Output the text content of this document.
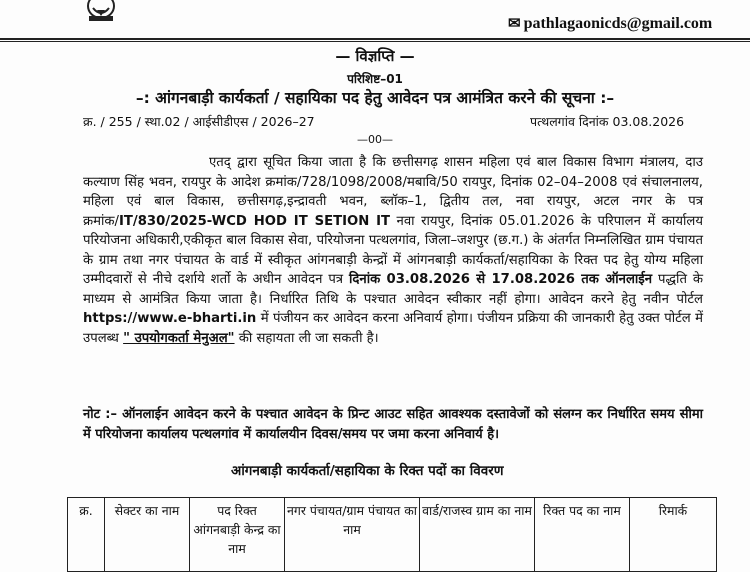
✉ pathlagaonicds@gmail.com
— विज्ञप्ति —
परिशिष्ट–01
–: आंगनबाड़ी कार्यकर्ता / सहायिका पद हेतु आवेदन पत्र आमंत्रित करने की सूचना :–
क्र. / 255 / स्था.02 / आईसीडीएस / 2026–27	पत्थलगांव दिनांक 03.08.2026
—00—
एतद् द्वारा सूचित किया जाता है कि छत्तीसगढ़ शासन महिला एवं बाल विकास विभाग मंत्रालय, दाउ कल्याण सिंह भवन, रायपुर के आदेश क्रमांक/728/1098/2008/मबावि/50 रायपुर, दिनांक 02–04–2008 एवं संचालनालय, महिला एवं बाल विकास, छत्तीसगढ़,इन्द्रावती भवन, ब्लॉक–1, द्वितीय तल, नवा रायपुर, अटल नगर के पत्र क्रमांक/IT/830/2025-WCD HOD IT SETION IT नवा रायपुर, दिनांक 05.01.2026 के परिपालन में कार्यालय परियोजना अधिकारी,एकीकृत बाल विकास सेवा, परियोजना पत्थलगांव, जिला–जशपुर (छ.ग.) के अंतर्गत निम्नलिखित ग्राम पंचायत के ग्राम तथा नगर पंचायत के वार्ड में स्वीकृत आंगनबाड़ी केन्द्रों में आंगनबाड़ी कार्यकर्ता/सहायिका के रिक्त पद हेतु योग्य महिला उम्मीदवारों से नीचे दर्शाये शर्तो के अधीन आवेदन पत्र दिनांक 03.08.2026 से 17.08.2026 तक ऑनलाईन पद्धति के माध्यम से आमंत्रित किया जाता है। निर्धारित तिथि के पश्चात आवेदन स्वीकार नहीं होगा। आवेदन करने हेतु नवीन पोर्टल https://www.e-bharti.in में पंजीयन कर आवेदन करना अनिवार्य होगा। पंजीयन प्रक्रिया की जानकारी हेतु उक्त पोर्टल में उपलब्ध " उपयोगकर्ता मेनुअल" की सहायता ली जा सकती है।
नोट :– ऑनलाईन आवेदन करने के पश्चात आवेदन के प्रिन्ट आउट सहित आवश्यक दस्तावेजों को संलग्न कर निर्धारित समय सीमा में परियोजना कार्यालय पत्थलगांव में कार्यालयीन दिवस/समय पर जमा करना अनिवार्य है।
आंगनबाड़ी कार्यकर्ता/सहायिका के रिक्त पदों का विवरण
क्र.	सेक्टर का नाम	पद रिक्त आंगनबाड़ी केन्द्र का नाम	नगर पंचायत/ग्राम पंचायत का नाम	वार्ड/राजस्व ग्राम का नाम	रिक्त पद का नाम	रिमार्क
